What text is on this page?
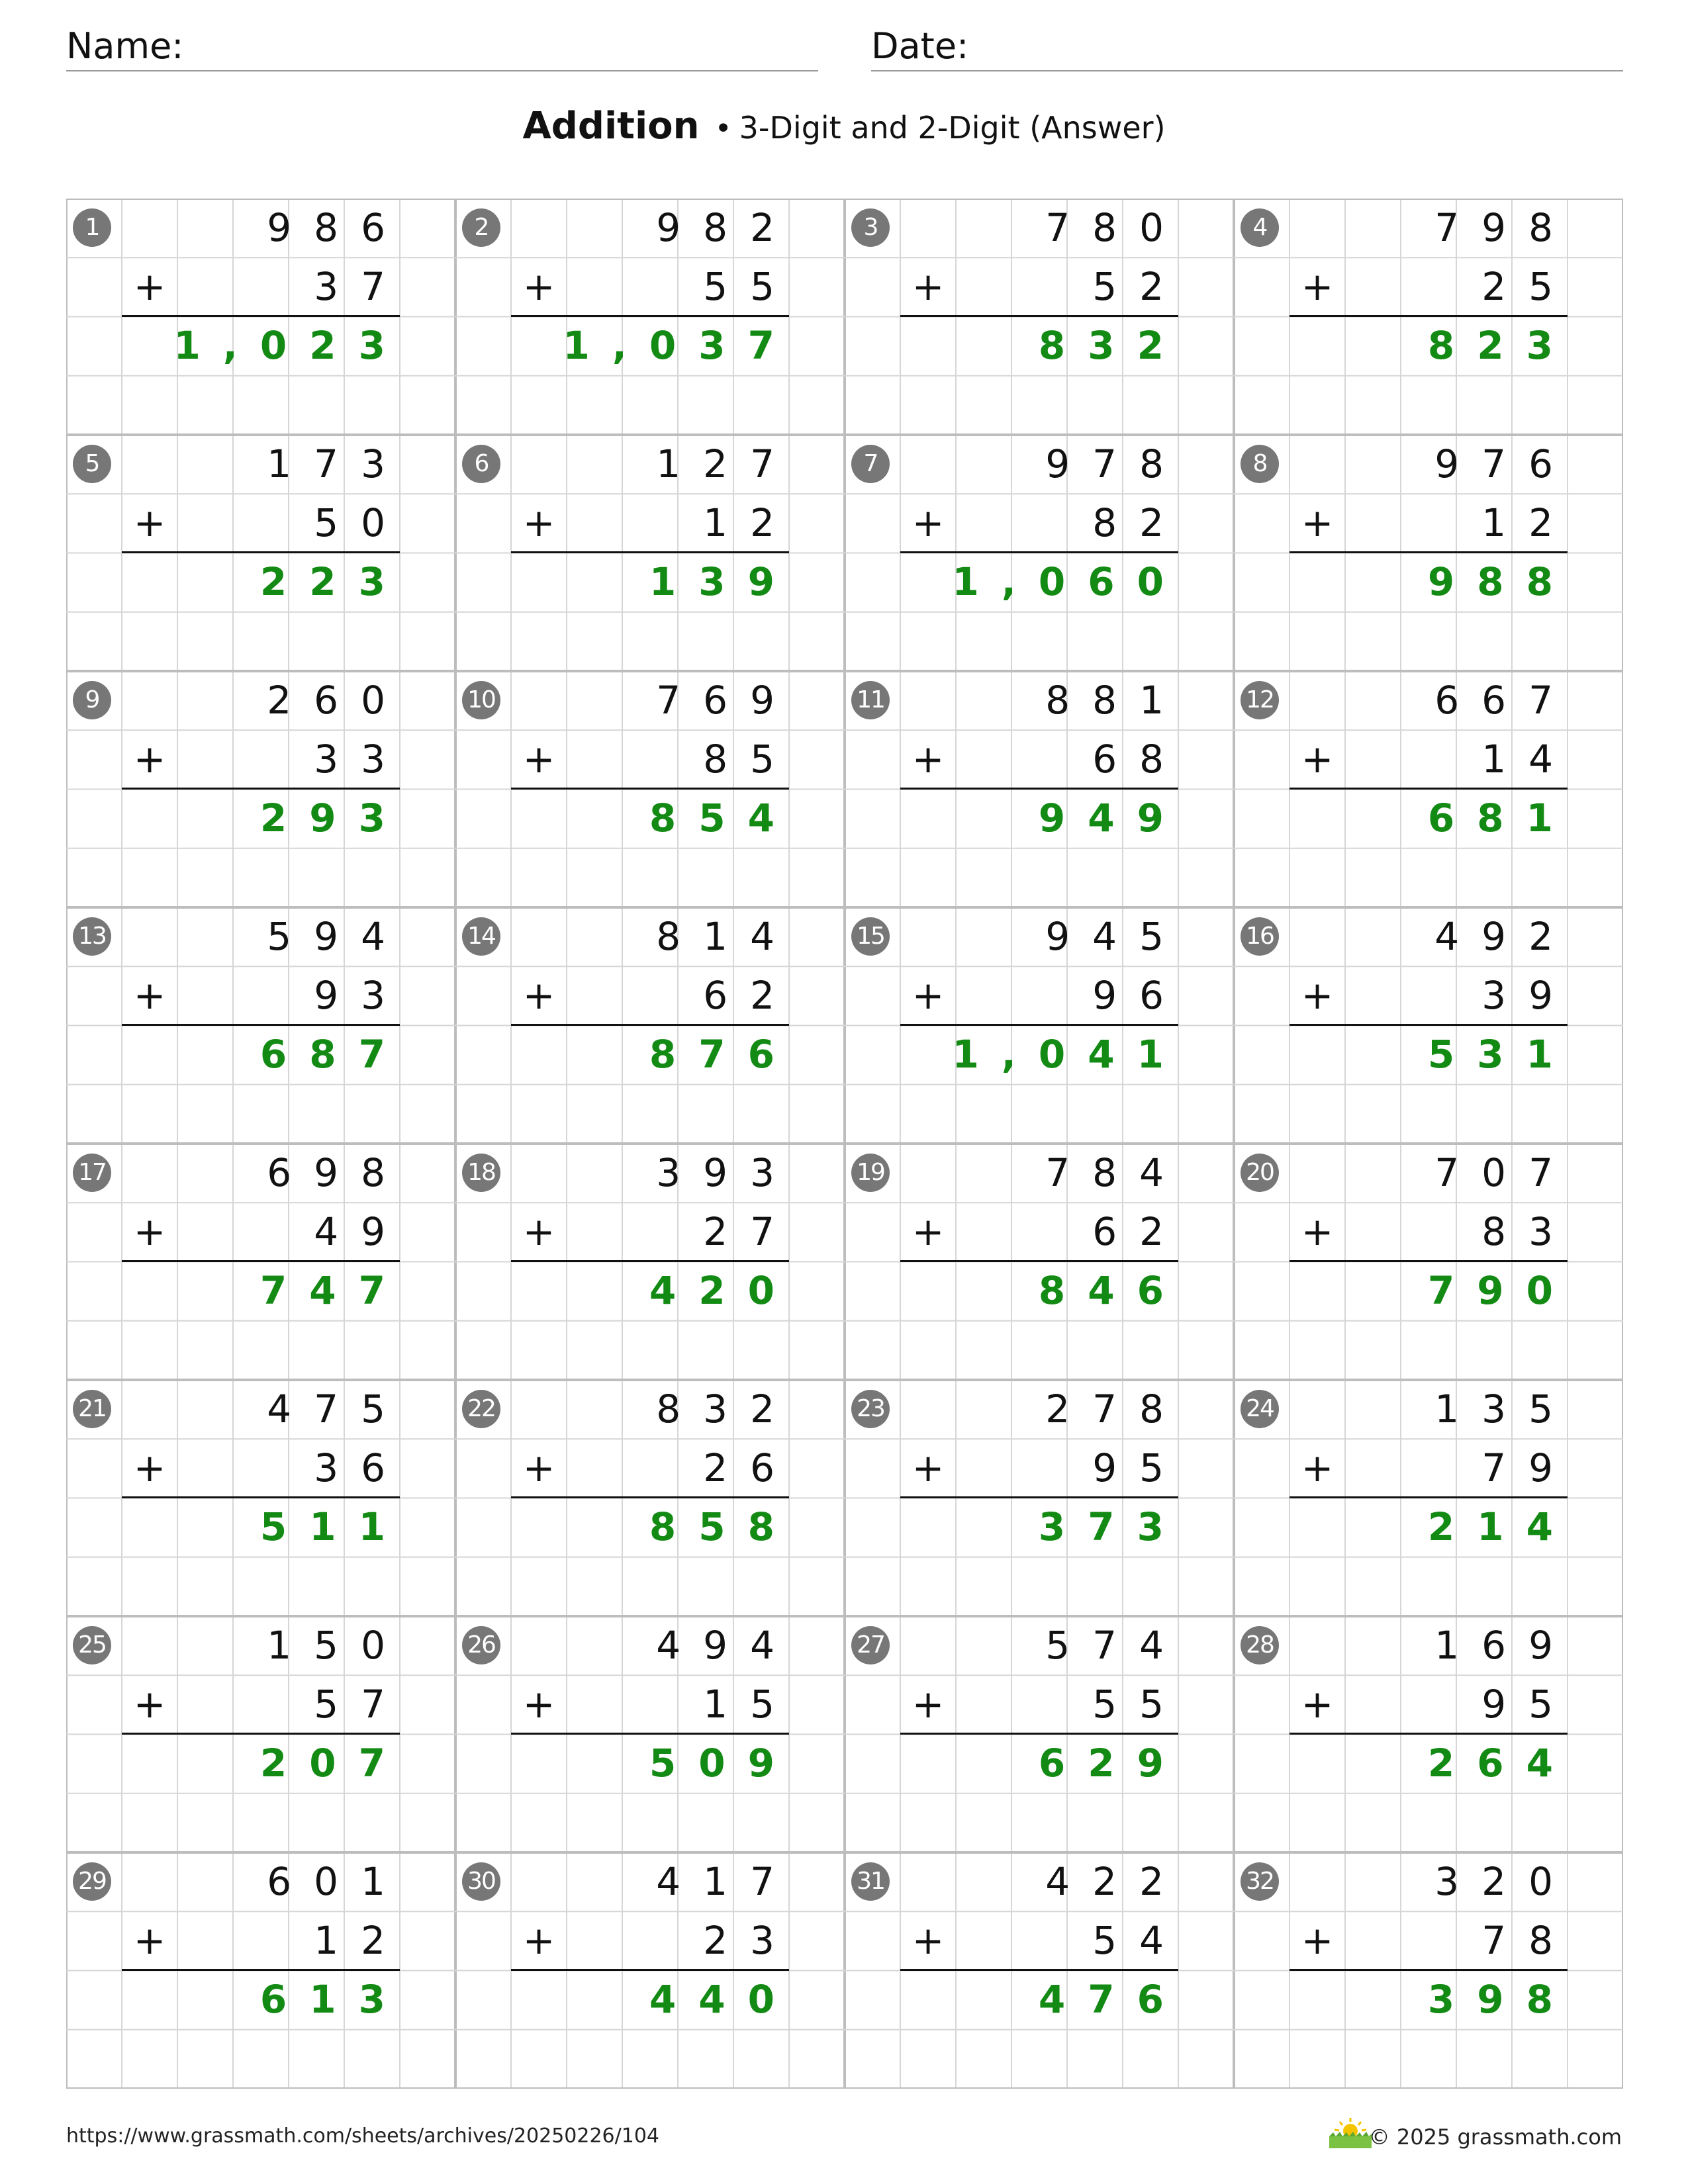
Name:	Date:
Addition • 3-Digit and 2-Digit (Answer)
1	986
+	37
1,023
2	982
+	55
1,037
3	780
+	52
832
4	798
+	25
823
5	173
+	50
223
6	127
+	12
139
7	978
+	82
1,060
8	976
+	12
988
9	260
+	33
293
10	769
+	85
854
11	881
+	68
949
12	667
+	14
681
13	594
+	93
687
14	814
+	62
876
15	945
+	96
1,041
16	492
+	39
531
17	698
+	49
747
18	393
+	27
420
19	784
+	62
846
20	707
+	83
790
21	475
+	36
511
22	832
+	26
858
23	278
+	95
373
24	135
+	79
214
25	150
+	57
207
26	494
+	15
509
27	574
+	55
629
28	169
+	95
264
29	601
+	12
613
30	417
+	23
440
31	422
+	54
476
32	320
+	78
398
https://www.grassmath.com/sheets/archives/20250226/104	© 2025 grassmath.com
